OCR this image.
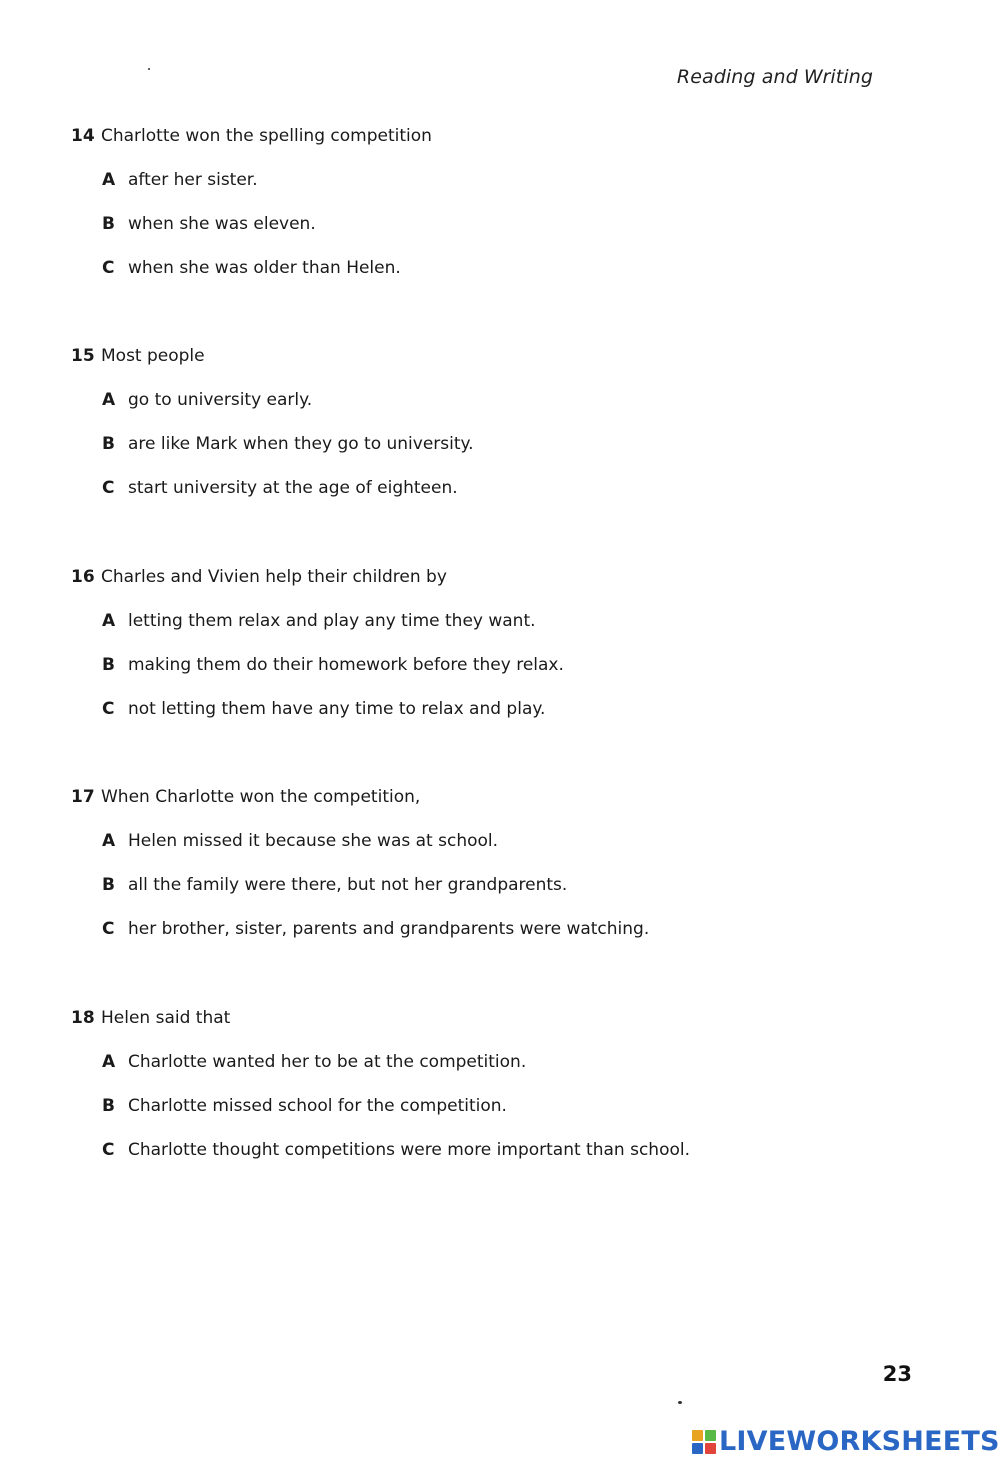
Reading and Writing
14 Charlotte won the spelling competition
A after her sister.
B when she was eleven.
C when she was older than Helen.
15 Most people
A go to university early.
B are like Mark when they go to university.
C start university at the age of eighteen.
16 Charles and Vivien help their children by
A letting them relax and play any time they want.
B making them do their homework before they relax.
C not letting them have any time to relax and play.
17 When Charlotte won the competition,
A Helen missed it because she was at school.
B all the family were there, but not her grandparents.
C her brother, sister, parents and grandparents were watching.
18 Helen said that
A Charlotte wanted her to be at the competition.
B Charlotte missed school for the competition.
C Charlotte thought competitions were more important than school.
23
LIVEWORKSHEETS
